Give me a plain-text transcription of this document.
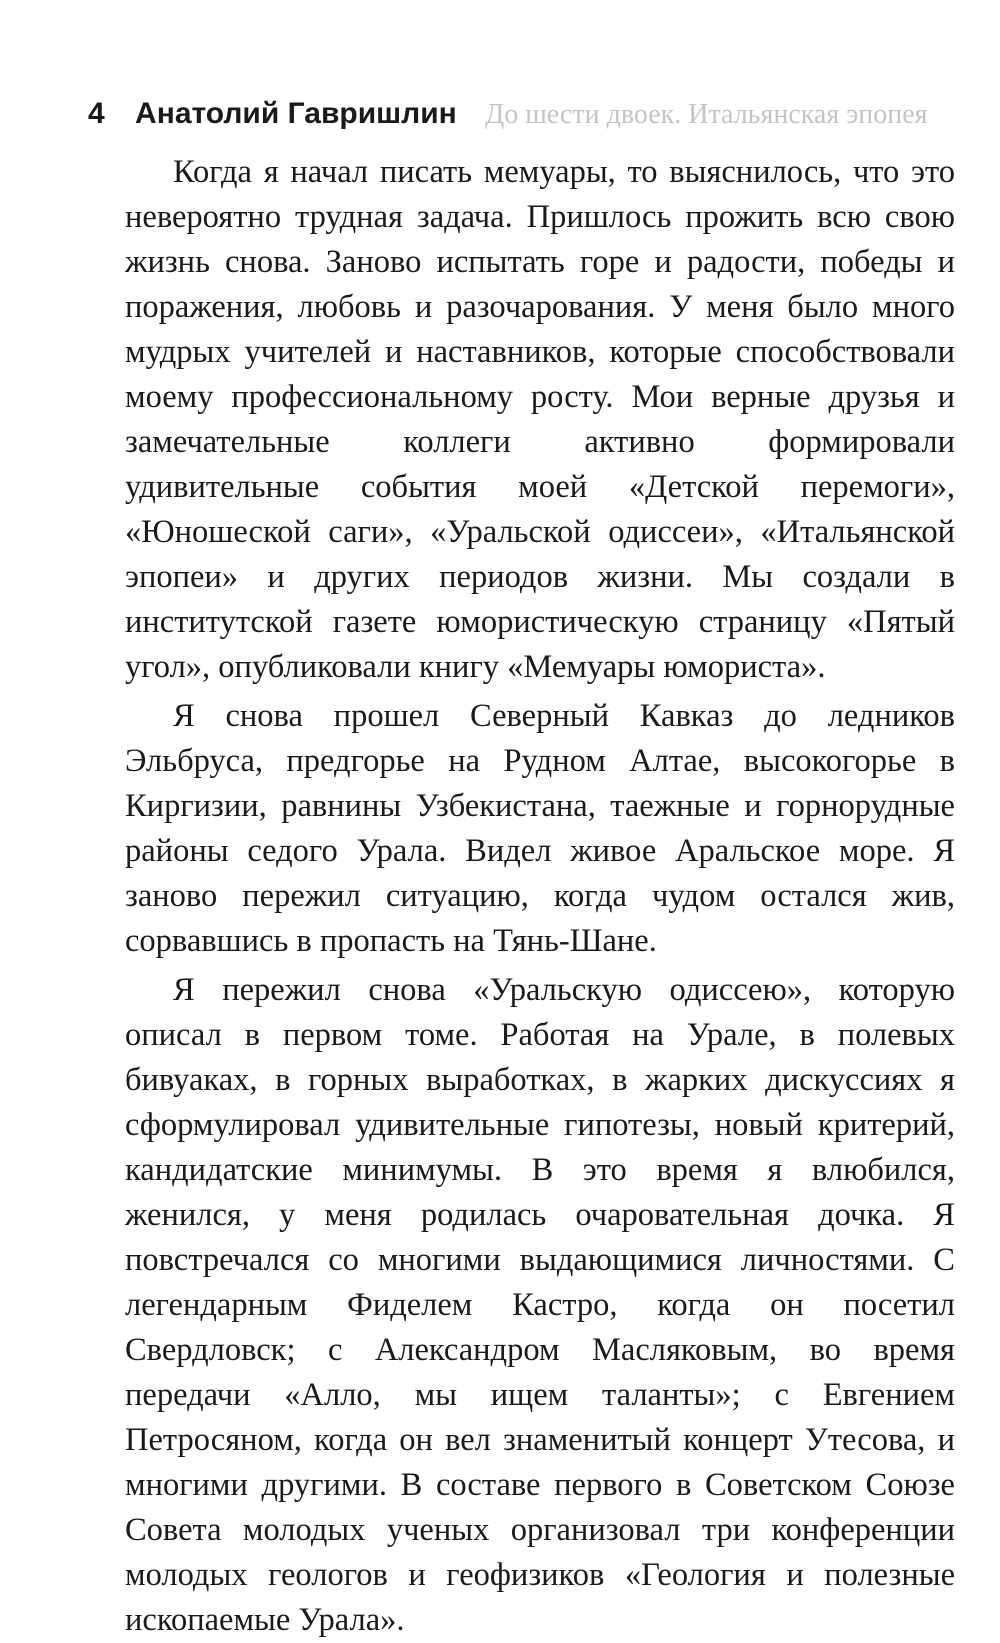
4 Анатолий Гавришлин До шести двоек. Итальянская эпопея

Когда я начал писать мемуары, то выяснилось, что это невероятно трудная задача. Пришлось прожить всю свою жизнь снова. Заново испытать горе и радости, победы и поражения, любовь и разочарования. У меня было много мудрых учителей и наставников, которые способствовали моему профессиональному росту. Мои верные друзья и замечательные коллеги активно формировали удивительные события моей «Детской перемоги», «Юношеской саги», «Уральской одиссеи», «Итальянской эпопеи» и других периодов жизни. Мы создали в институтской газете юмористическую страницу «Пятый угол», опубликовали книгу «Мемуары юмориста».

Я снова прошел Северный Кавказ до ледников Эльбруса, предгорье на Рудном Алтае, высокогорье в Киргизии, равнины Узбекистана, таежные и горнорудные районы седого Урала. Видел живое Аральское море. Я заново пережил ситуацию, когда чудом остался жив, сорвавшись в пропасть на Тянь-Шане.

Я пережил снова «Уральскую одиссею», которую описал в первом томе. Работая на Урале, в полевых бивуаках, в горных выработках, в жарких дискуссиях я сформулировал удивительные гипотезы, новый критерий, кандидатские минимумы. В это время я влюбился, женился, у меня родилась очаровательная дочка. Я повстречался со многими выдающимися личностями. С легендарным Фиделем Кастро, когда он посетил Свердловск; с Александром Масляковым, во время передачи «Алло, мы ищем таланты»; с Евгением Петросяном, когда он вел знаменитый концерт Утесова, и многими другими. В составе первого в Советском Союзе Совета молодых ученых организовал три конференции молодых геологов и геофизиков «Геология и полезные ископаемые Урала».
